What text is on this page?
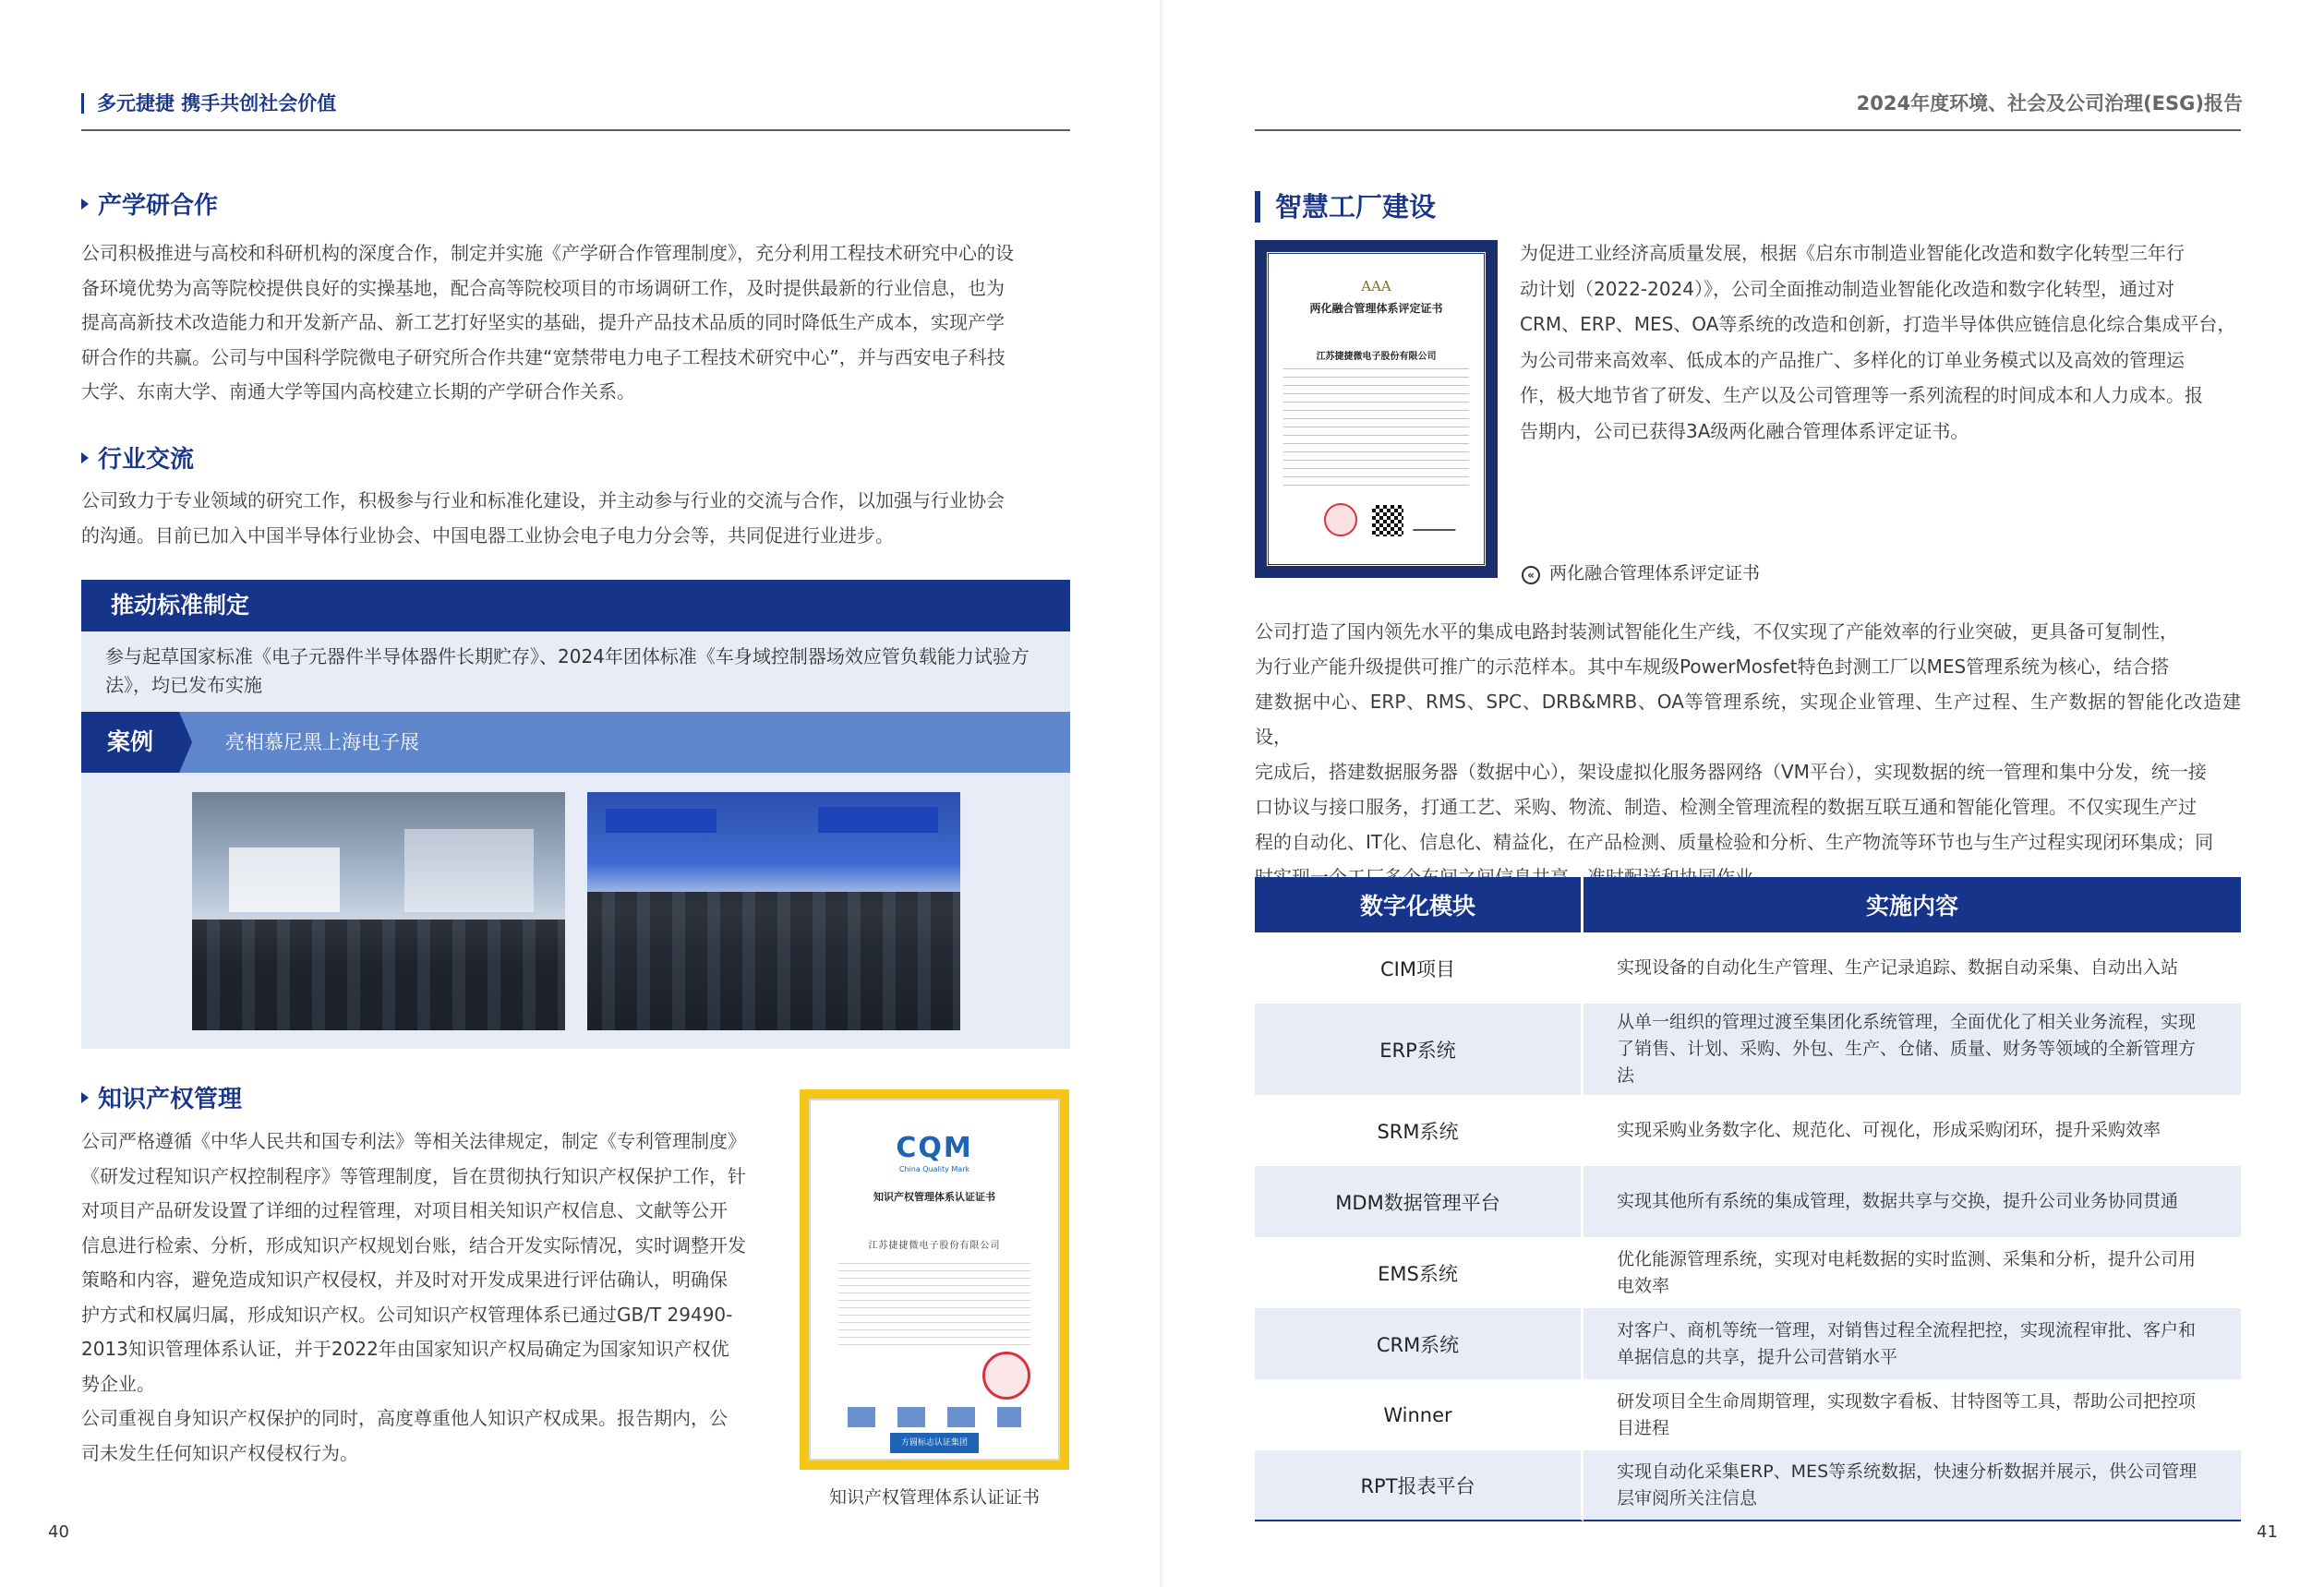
多元捷捷 携手共创社会价值	2024年度环境、社会及公司治理(ESG)报告
产学研合作
公司积极推进与高校和科研机构的深度合作，制定并实施《产学研合作管理制度》，充分利用工程技术研究中心的设
备环境优势为高等院校提供良好的实操基地，配合高等院校项目的市场调研工作，及时提供最新的行业信息，也为
提高高新技术改造能力和开发新产品、新工艺打好坚实的基础，提升产品技术品质的同时降低生产成本，实现产学
研合作的共赢。公司与中国科学院微电子研究所合作共建“宽禁带电力电子工程技术研究中心”，并与西安电子科技
大学、东南大学、南通大学等国内高校建立长期的产学研合作关系。
行业交流
公司致力于专业领域的研究工作，积极参与行业和标准化建设，并主动参与行业的交流与合作，以加强与行业协会
的沟通。目前已加入中国半导体行业协会、中国电器工业协会电子电力分会等，共同促进行业进步。
推动标准制定
参与起草国家标准《电子元器件半导体器件长期贮存》、2024年团体标准《车身域控制器场效应管负载能力试验方法》，均已发布实施
案例	亮相慕尼黑上海电子展
知识产权管理
公司严格遵循《中华人民共和国专利法》等相关法律规定，制定《专利管理制度》
《研发过程知识产权控制程序》等管理制度，旨在贯彻执行知识产权保护工作，针
对项目产品研发设置了详细的过程管理，对项目相关知识产权信息、文献等公开
信息进行检索、分析，形成知识产权规划台账，结合开发实际情况，实时调整开发
策略和内容，避免造成知识产权侵权，并及时对开发成果进行评估确认，明确保
护方式和权属归属，形成知识产权。公司知识产权管理体系已通过GB/T 29490-
2013知识管理体系认证，并于2022年由国家知识产权局确定为国家知识产权优
势企业。
公司重视自身知识产权保护的同时，高度尊重他人知识产权成果。报告期内，公
司未发生任何知识产权侵权行为。
CQM
China Quality Mark
知识产权管理体系认证证书
江苏捷捷微电子股份有限公司
方圆标志认证集团
知识产权管理体系认证证书
40
智慧工厂建设
AAA
两化融合管理体系评定证书
江苏捷捷微电子股份有限公司
« 两化融合管理体系评定证书
为促进工业经济高质量发展，根据《启东市制造业智能化改造和数字化转型三年行
动计划（2022-2024）》，公司全面推动制造业智能化改造和数字化转型，通过对
CRM、ERP、MES、OA等系统的改造和创新，打造半导体供应链信息化综合集成平台，
为公司带来高效率、低成本的产品推广、多样化的订单业务模式以及高效的管理运
作，极大地节省了研发、生产以及公司管理等一系列流程的时间成本和人力成本。报
告期内，公司已获得3A级两化融合管理体系评定证书。
公司打造了国内领先水平的集成电路封装测试智能化生产线，不仅实现了产能效率的行业突破，更具备可复制性，
为行业产能升级提供可推广的示范样本。其中车规级PowerMosfet特色封测工厂以MES管理系统为核心，结合搭
建数据中心、ERP、RMS、SPC、DRB&MRB、OA等管理系统，实现企业管理、生产过程、生产数据的智能化改造建设，
完成后，搭建数据服务器（数据中心），架设虚拟化服务器网络（VM平台），实现数据的统一管理和集中分发，统一接
口协议与接口服务，打通工艺、采购、物流、制造、检测全管理流程的数据互联互通和智能化管理。不仅实现生产过
程的自动化、IT化、信息化、精益化，在产品检测、质量检验和分析、生产物流等环节也与生产过程实现闭环集成；同
数字化模块	实施内容
CIM项目	实现设备的自动化生产管理、生产记录追踪、数据自动采集、自动出入站
ERP系统	从单一组织的管理过渡至集团化系统管理，全面优化了相关业务流程，实现了销售、计划、采购、外包、生产、仓储、质量、财务等领域的全新管理方法
SRM系统	实现采购业务数字化、规范化、可视化，形成采购闭环，提升采购效率
MDM数据管理平台	实现其他所有系统的集成管理，数据共享与交换，提升公司业务协同贯通
EMS系统	优化能源管理系统，实现对电耗数据的实时监测、采集和分析，提升公司用电效率
CRM系统	对客户、商机等统一管理，对销售过程全流程把控，实现流程审批、客户和单据信息的共享，提升公司营销水平
Winner	研发项目全生命周期管理，实现数字看板、甘特图等工具，帮助公司把控项目进程
RPT报表平台	实现自动化采集ERP、MES等系统数据，快速分析数据并展示，供公司管理层审阅所关注信息
41
